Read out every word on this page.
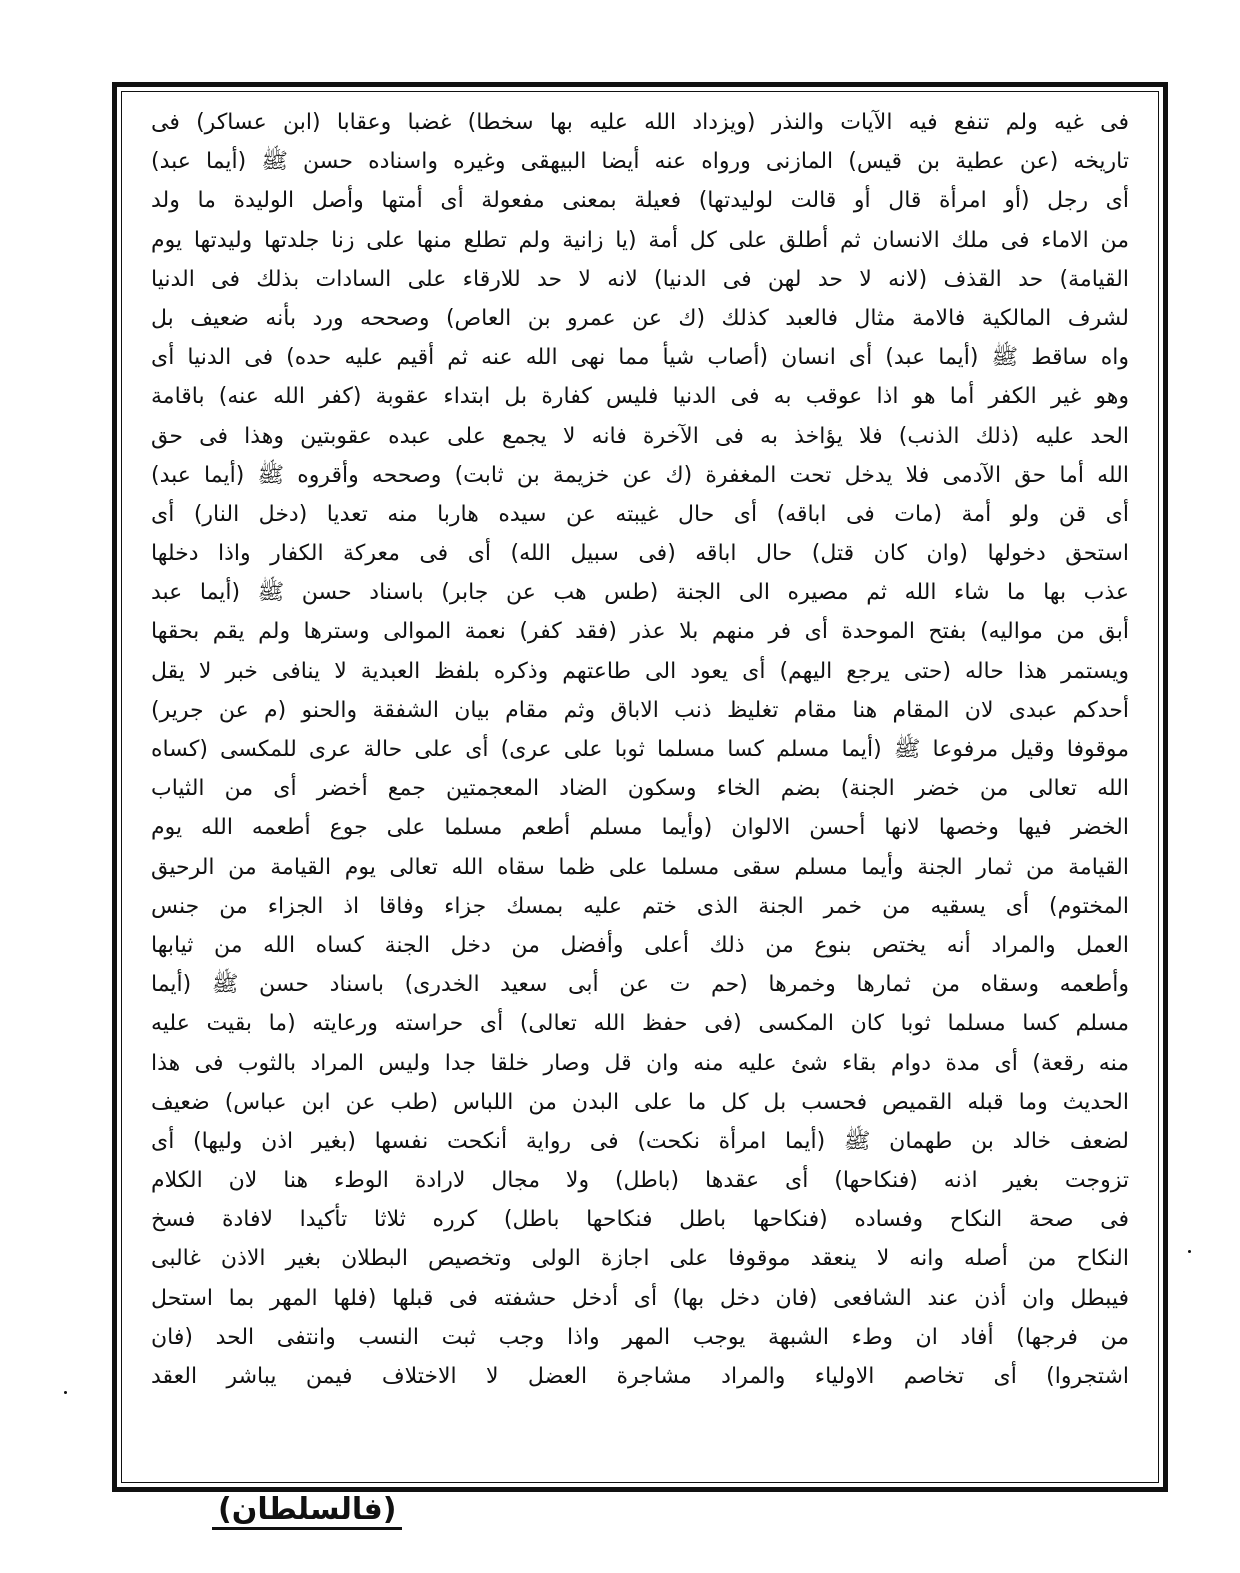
فى غيه ولم تنفع فيه الآيات والنذر (ويزداد الله عليه بها سخطا) غضبا وعقابا (ابن عساكر) فى
تاريخه (عن عطية بن قيس) المازنى ورواه عنه أيضا البيهقى وغيره واسناده حسن ﷺ (أيما عبد)
أى رجل (أو امرأة قال أو قالت لوليدتها) فعيلة بمعنى مفعولة أى أمتها وأصل الوليدة ما ولد
من الاماء فى ملك الانسان ثم أطلق على كل أمة (يا زانية ولم تطلع منها على زنا جلدتها وليدتها يوم
القيامة) حد القذف (لانه لا حد لهن فى الدنيا) لانه لا حد للارقاء على السادات بذلك فى الدنيا
لشرف المالكية فالامة مثال فالعبد كذلك (ك عن عمرو بن العاص) وصححه ورد بأنه ضعيف بل
واه ساقط ﷺ (أيما عبد) أى انسان (أصاب شيأ مما نهى الله عنه ثم أقيم عليه حده) فى الدنيا أى
وهو غير الكفر أما هو اذا عوقب به فى الدنيا فليس كفارة بل ابتداء عقوبة (كفر الله عنه) باقامة
الحد عليه (ذلك الذنب) فلا يؤاخذ به فى الآخرة فانه لا يجمع على عبده عقوبتين وهذا فى حق
الله أما حق الآدمى فلا يدخل تحت المغفرة (ك عن خزيمة بن ثابت) وصححه وأقروه ﷺ (أيما عبد)
أى قن ولو أمة (مات فى اباقه) أى حال غيبته عن سيده هاربا منه تعديا (دخل النار) أى
استحق دخولها (وان كان قتل) حال اباقه (فى سبيل الله) أى فى معركة الكفار واذا دخلها
عذب بها ما شاء الله ثم مصيره الى الجنة (طس هب عن جابر) باسناد حسن ﷺ (أيما عبد
أبق من مواليه) بفتح الموحدة أى فر منهم بلا عذر (فقد كفر) نعمة الموالى وسترها ولم يقم بحقها
ويستمر هذا حاله (حتى يرجع اليهم) أى يعود الى طاعتهم وذكره بلفظ العبدية لا ينافى خبر لا يقل
أحدكم عبدى لان المقام هنا مقام تغليظ ذنب الاباق وثم مقام بيان الشفقة والحنو (م عن جرير)
موقوفا وقيل مرفوعا ﷺ (أيما مسلم كسا مسلما ثوبا على عرى) أى على حالة عرى للمكسى (كساه
الله تعالى من خضر الجنة) بضم الخاء وسكون الضاد المعجمتين جمع أخضر أى من الثياب
الخضر فيها وخصها لانها أحسن الالوان (وأيما مسلم أطعم مسلما على جوع أطعمه الله يوم
القيامة من ثمار الجنة وأيما مسلم سقى مسلما على ظما سقاه الله تعالى يوم القيامة من الرحيق
المختوم) أى يسقيه من خمر الجنة الذى ختم عليه بمسك جزاء وفاقا اذ الجزاء من جنس
العمل والمراد أنه يختص بنوع من ذلك أعلى وأفضل من دخل الجنة كساه الله من ثيابها
وأطعمه وسقاه من ثمارها وخمرها (حم ت عن أبى سعيد الخدرى) باسناد حسن ﷺ (أيما
مسلم كسا مسلما ثوبا كان المكسى (فى حفظ الله تعالى) أى حراسته ورعايته (ما بقيت عليه
منه رقعة) أى مدة دوام بقاء شئ عليه منه وان قل وصار خلقا جدا وليس المراد بالثوب فى هذا
الحديث وما قبله القميص فحسب بل كل ما على البدن من اللباس (طب عن ابن عباس) ضعيف
لضعف خالد بن طهمان ﷺ (أيما امرأة نكحت) فى رواية أنكحت نفسها (بغير اذن وليها) أى
تزوجت بغير اذنه (فنكاحها) أى عقدها (باطل) ولا مجال لارادة الوطء هنا لان الكلام
فى صحة النكاح وفساده (فنكاحها باطل فنكاحها باطل) كرره ثلاثا تأكيدا لافادة فسخ
النكاح من أصله وانه لا ينعقد موقوفا على اجازة الولى وتخصيص البطلان بغير الاذن غالبى
فيبطل وان أذن عند الشافعى (فان دخل بها) أى أدخل حشفته فى قبلها (فلها المهر بما استحل
من فرجها) أفاد ان وطء الشبهة يوجب المهر واذا وجب ثبت النسب وانتفى الحد (فان
اشتجروا) أى تخاصم الاولياء والمراد مشاجرة العضل لا الاختلاف فيمن يباشر العقد
(فالسلطان)
